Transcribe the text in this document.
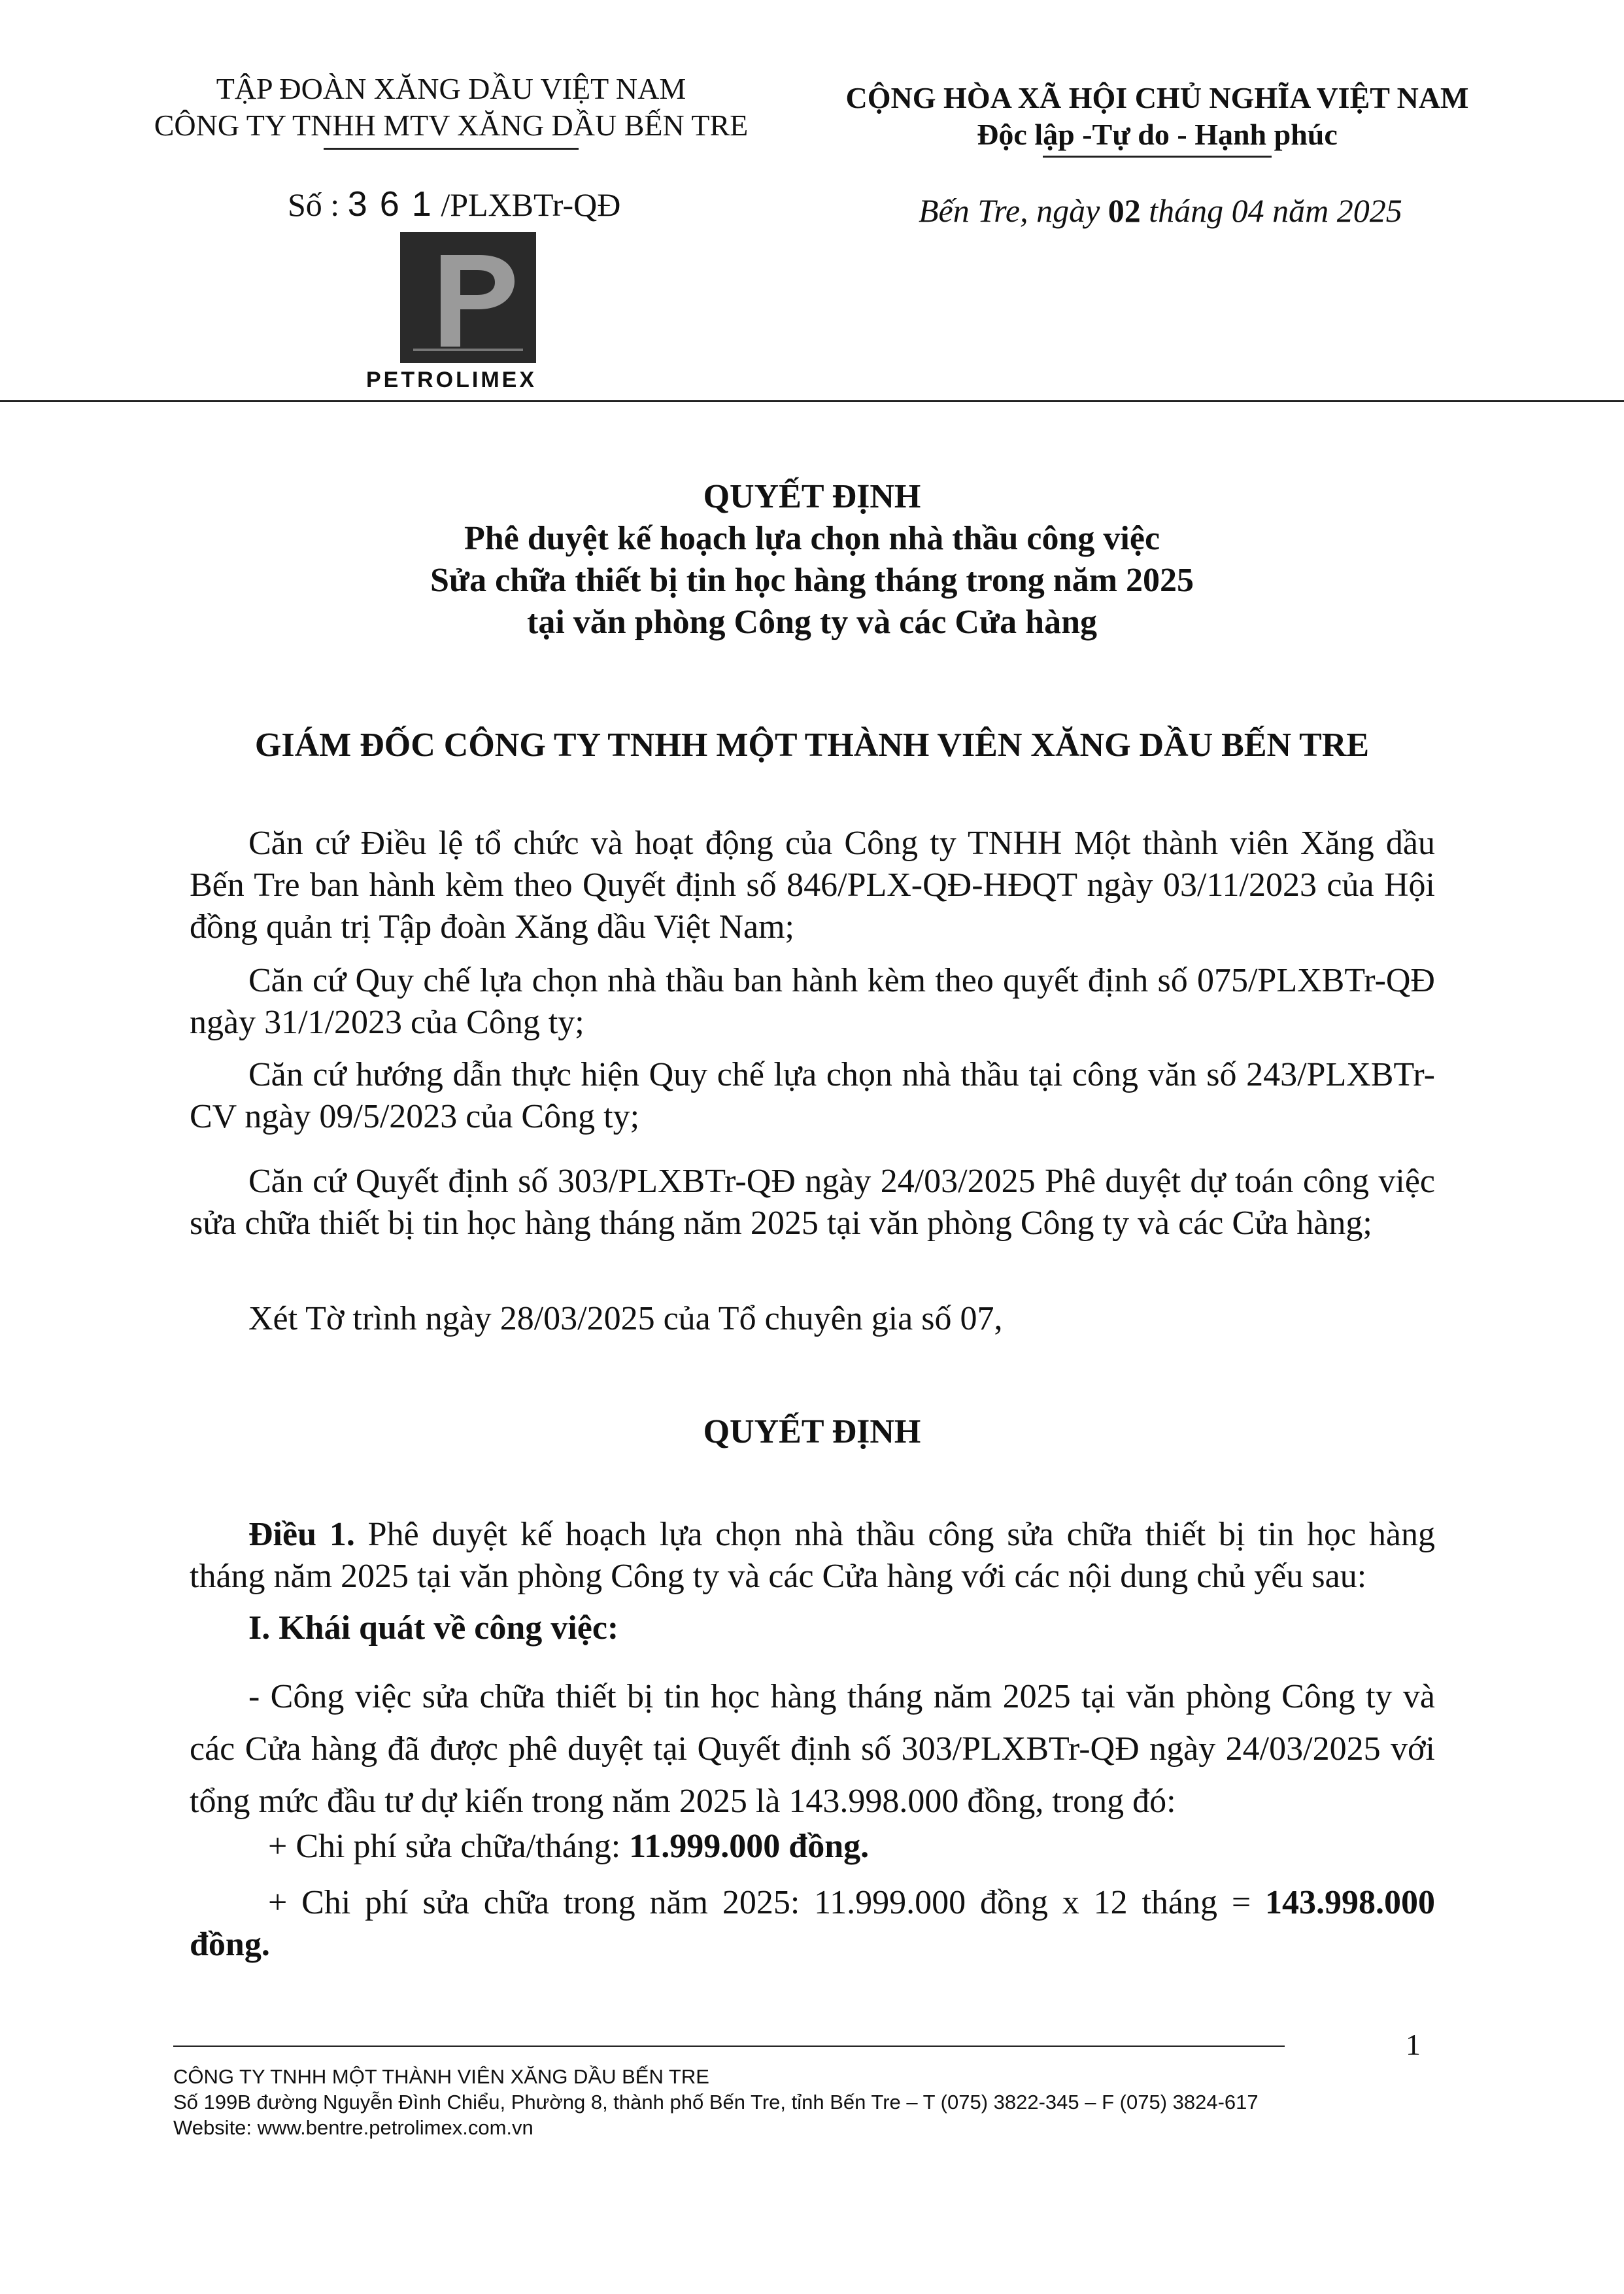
TẬP ĐOÀN XĂNG DẦU VIỆT NAM
CÔNG TY TNHH MTV XĂNG DẦU BẾN TRE
CỘNG HÒA XÃ HỘI CHỦ NGHĨA VIỆT NAM
Độc lập -Tự do - Hạnh phúc
Số : 3 6 1 /PLXBTr-QĐ	Bến Tre, ngày 02 tháng 04 năm 2025
PETROLIMEX
QUYẾT ĐỊNH
Phê duyệt kế hoạch lựa chọn nhà thầu công việc
Sửa chữa thiết bị tin học hàng tháng trong năm 2025
tại văn phòng Công ty và các Cửa hàng
GIÁM ĐỐC CÔNG TY TNHH MỘT THÀNH VIÊN XĂNG DẦU BẾN TRE
Căn cứ Điều lệ tổ chức và hoạt động của Công ty TNHH Một thành viên Xăng dầu Bến Tre ban hành kèm theo Quyết định số 846/PLX-QĐ-HĐQT ngày 03/11/2023 của Hội đồng quản trị Tập đoàn Xăng dầu Việt Nam;
Căn cứ Quy chế lựa chọn nhà thầu ban hành kèm theo quyết định số 075/PLXBTr-QĐ ngày 31/1/2023 của Công ty;
Căn cứ hướng dẫn thực hiện Quy chế lựa chọn nhà thầu tại công văn số 243/PLXBTr-CV ngày 09/5/2023 của Công ty;
Căn cứ Quyết định số 303/PLXBTr-QĐ ngày 24/03/2025 Phê duyệt dự toán công việc sửa chữa thiết bị tin học hàng tháng năm 2025 tại văn phòng Công ty và các Cửa hàng;
Xét Tờ trình ngày 28/03/2025 của Tổ chuyên gia số 07,
QUYẾT ĐỊNH
Điều 1. Phê duyệt kế hoạch lựa chọn nhà thầu công sửa chữa thiết bị tin học hàng tháng năm 2025 tại văn phòng Công ty và các Cửa hàng với các nội dung chủ yếu sau:
I. Khái quát về công việc:
- Công việc sửa chữa thiết bị tin học hàng tháng năm 2025 tại văn phòng Công ty và các Cửa hàng đã được phê duyệt tại Quyết định số 303/PLXBTr-QĐ ngày 24/03/2025 với tổng mức đầu tư dự kiến trong năm 2025 là 143.998.000 đồng, trong đó:
+ Chi phí sửa chữa/tháng: 11.999.000 đồng.
+ Chi phí sửa chữa trong năm 2025: 11.999.000 đồng x 12 tháng = 143.998.000 đồng.
1
CÔNG TY TNHH MỘT THÀNH VIÊN XĂNG DẦU BẾN TRE
Số 199B đường Nguyễn Đình Chiểu, Phường 8, thành phố Bến Tre, tỉnh Bến Tre – T (075) 3822-345 – F (075) 3824-617
Website: www.bentre.petrolimex.com.vn
